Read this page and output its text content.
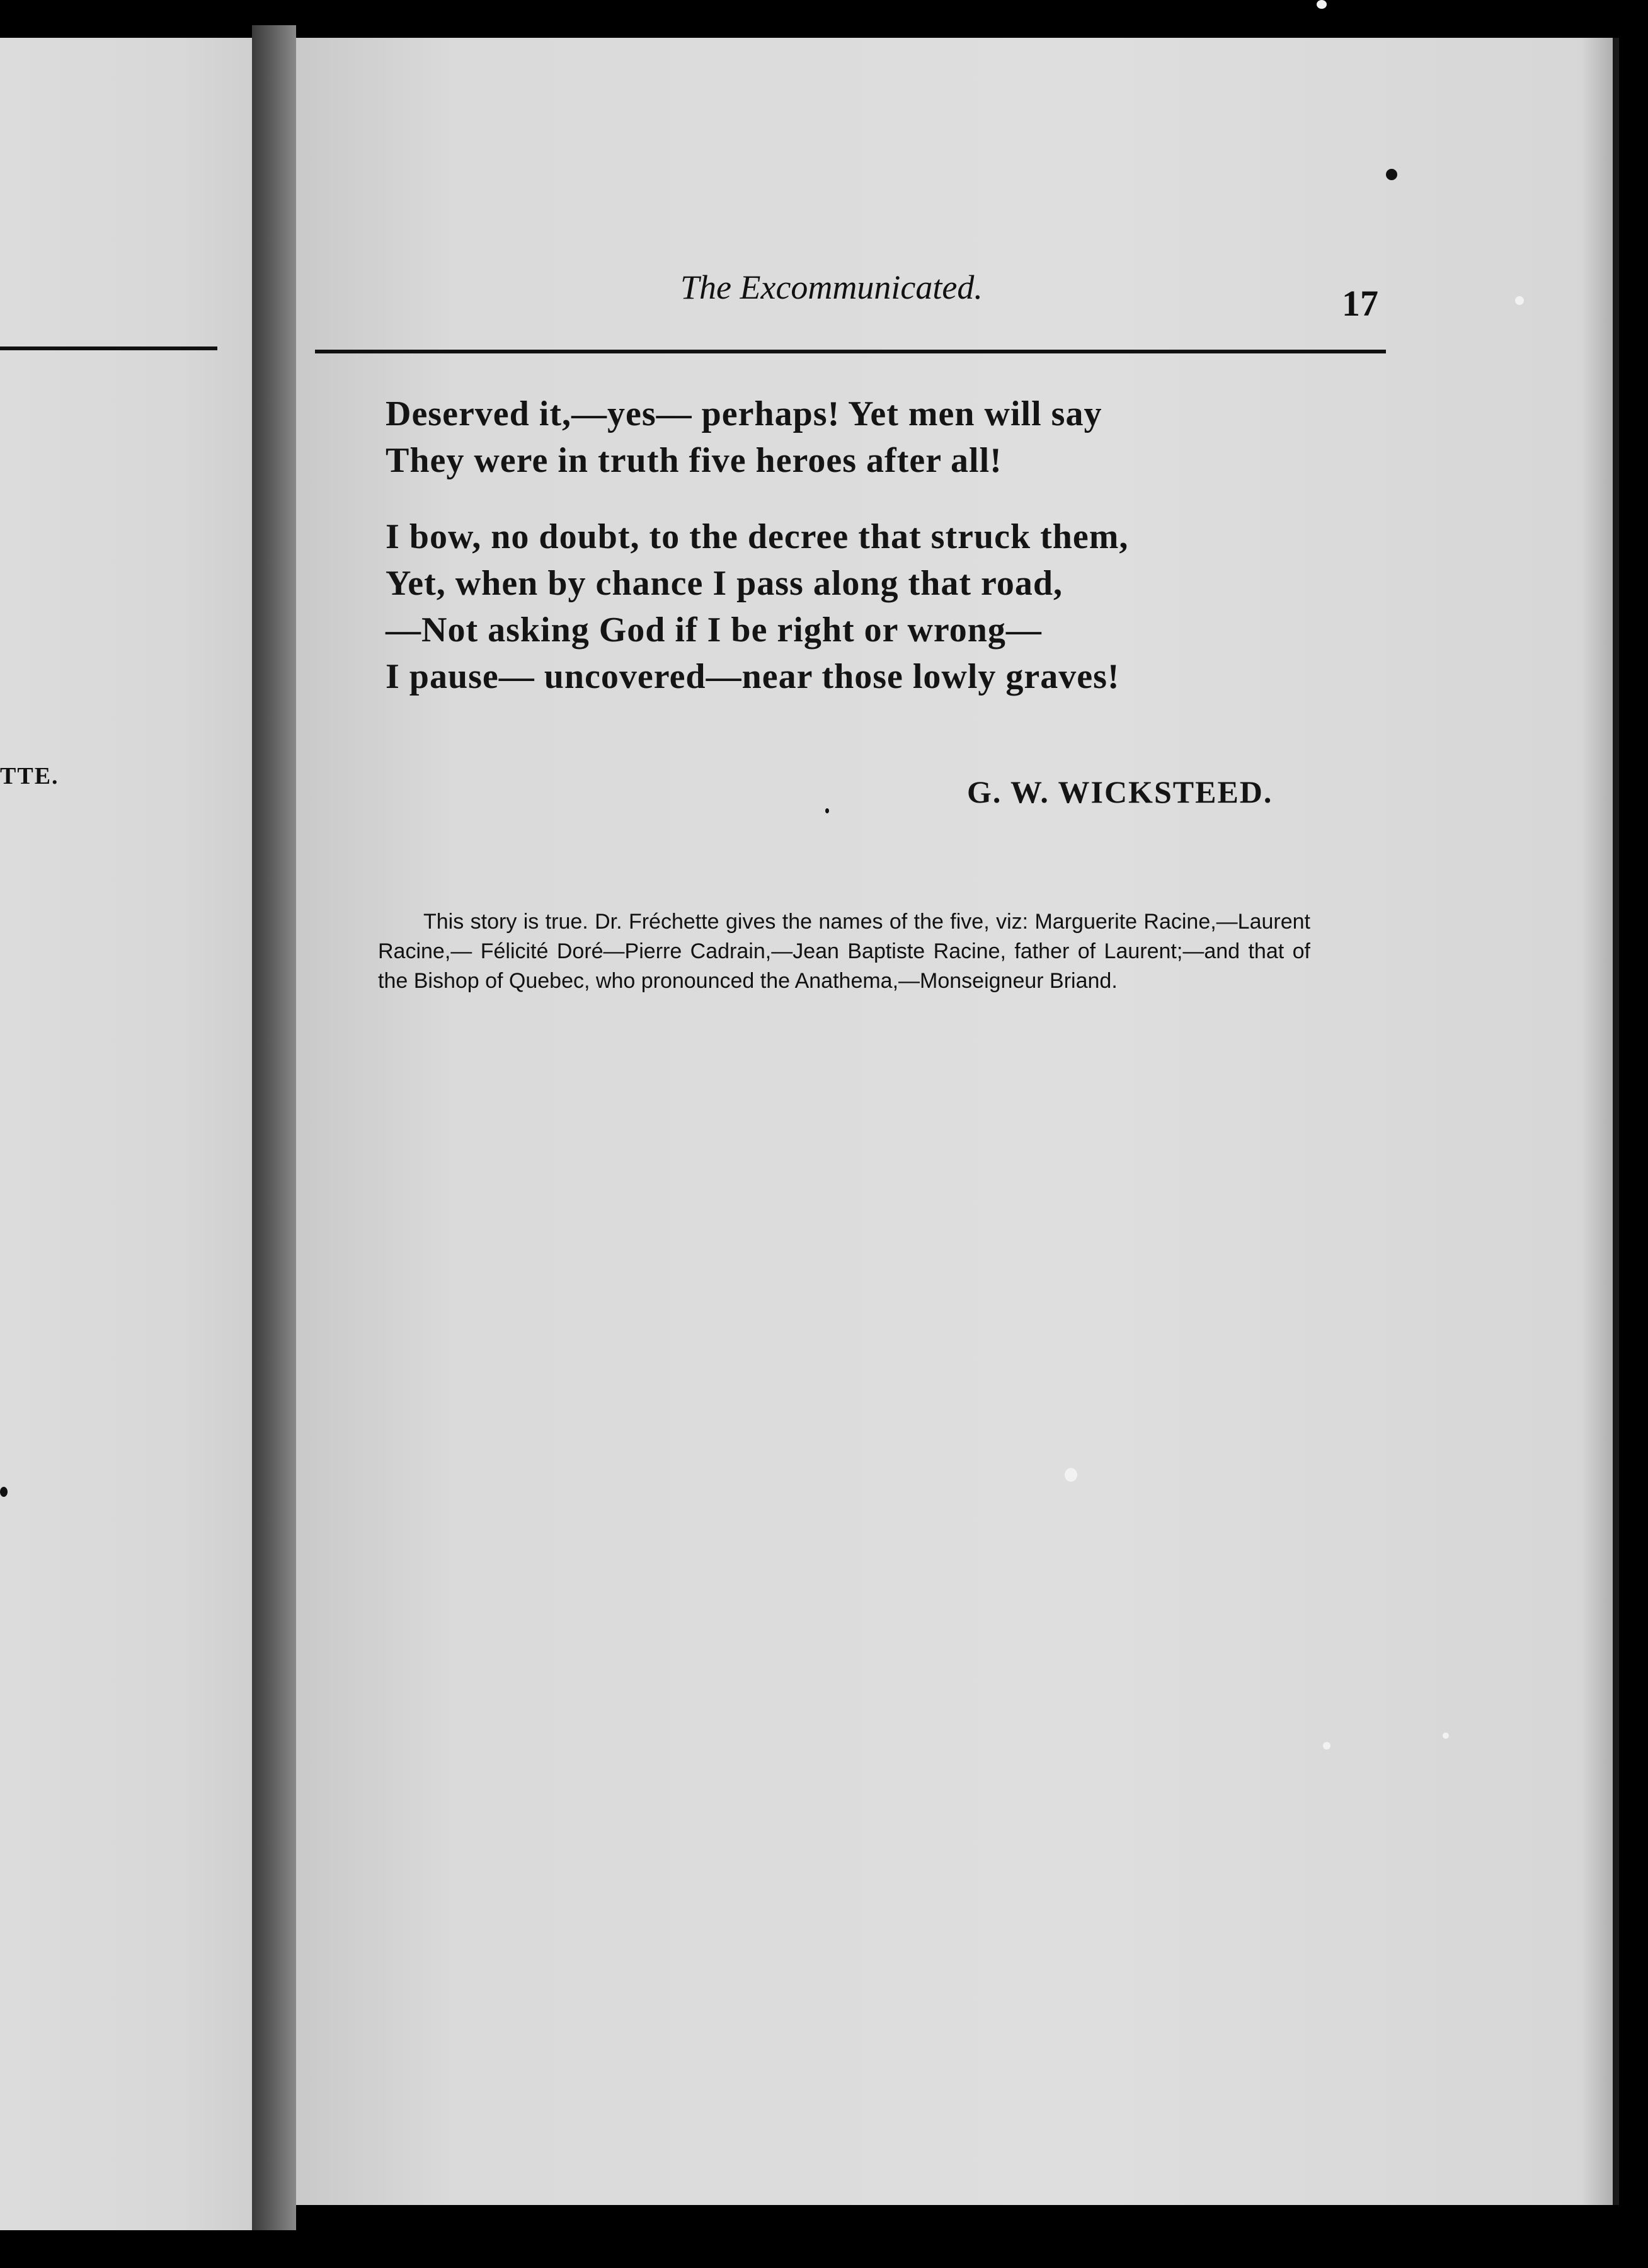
TTE.
The Excommunicated.	17
Deserved it,—yes— perhaps! Yet men will say
They were in truth five heroes after all!
I bow, no doubt, to the decree that struck them,
Yet, when by chance I pass along that road,
—Not asking God if I be right or wrong—
I pause— uncovered—near those lowly graves!
G. W. WICKSTEED.
This story is true. Dr. Fréchette gives the names of the five, viz: Marguerite Racine,—Laurent Racine,— Félicité Doré—Pierre Cadrain,—Jean Baptiste Racine, father of Laurent;—and that of the Bishop of Quebec, who pronounced the Anathema,—Monseigneur Briand.
